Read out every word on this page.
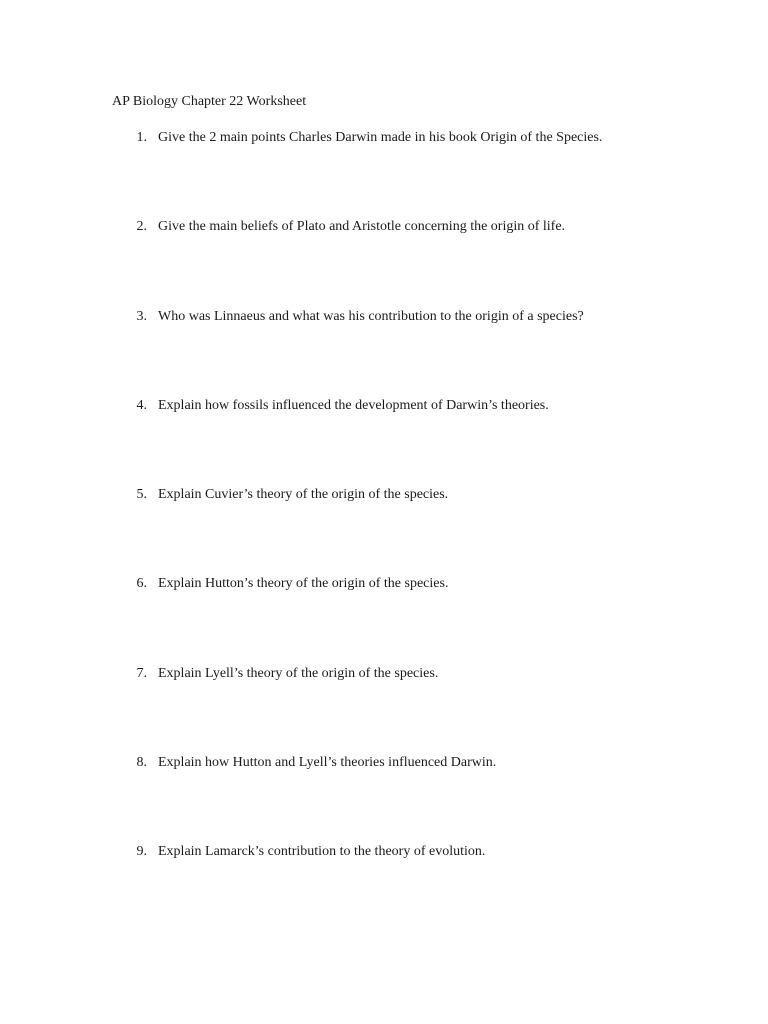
AP Biology Chapter 22 Worksheet
1. Give the 2 main points Charles Darwin made in his book Origin of the Species.
2. Give the main beliefs of Plato and Aristotle concerning the origin of life.
3. Who was Linnaeus and what was his contribution to the origin of a species?
4. Explain how fossils influenced the development of Darwin’s theories.
5. Explain Cuvier’s theory of the origin of the species.
6. Explain Hutton’s theory of the origin of the species.
7. Explain Lyell’s theory of the origin of the species.
8. Explain how Hutton and Lyell’s theories influenced Darwin.
9. Explain Lamarck’s contribution to the theory of evolution.
